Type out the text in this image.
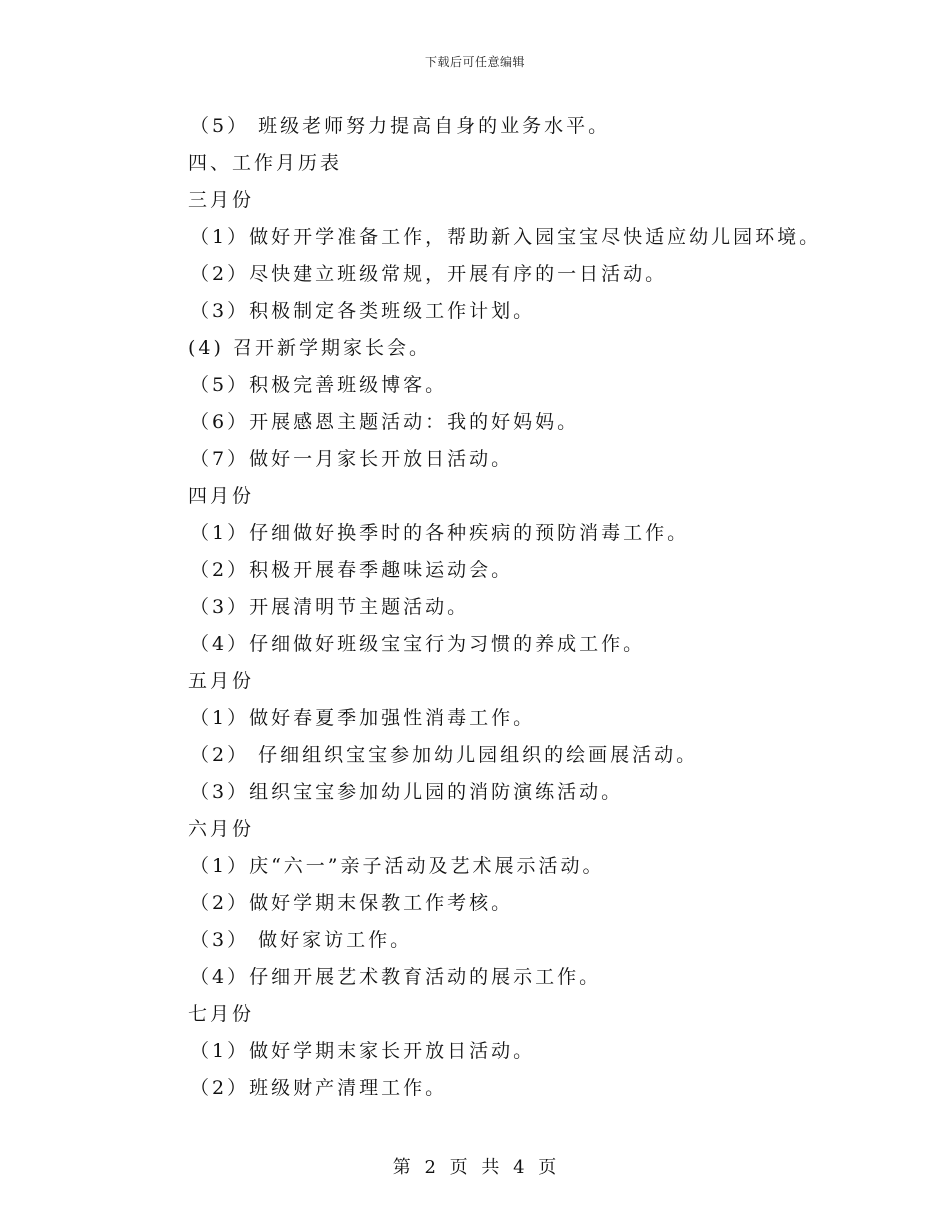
下载后可任意编辑
（5） 班级老师努力提高自身的业务水平。
四、工作月历表
三月份
（1）做好开学准备工作，帮助新入园宝宝尽快适应幼儿园环境。
（2）尽快建立班级常规，开展有序的一日活动。
（3）积极制定各类班级工作计划。
(4) 召开新学期家长会。
（5）积极完善班级博客。
（6）开展感恩主题活动：我的好妈妈。
（7）做好一月家长开放日活动。
四月份
（1）仔细做好换季时的各种疾病的预防消毒工作。
（2）积极开展春季趣味运动会。
（3）开展清明节主题活动。
（4）仔细做好班级宝宝行为习惯的养成工作。
五月份
（1）做好春夏季加强性消毒工作。
（2） 仔细组织宝宝参加幼儿园组织的绘画展活动。
（3）组织宝宝参加幼儿园的消防演练活动。
六月份
（1）庆“六一”亲子活动及艺术展示活动。
（2）做好学期末保教工作考核。
（3） 做好家访工作。
（4）仔细开展艺术教育活动的展示工作。
七月份
（1）做好学期末家长开放日活动。
（2）班级财产清理工作。
第 2 页 共 4 页
